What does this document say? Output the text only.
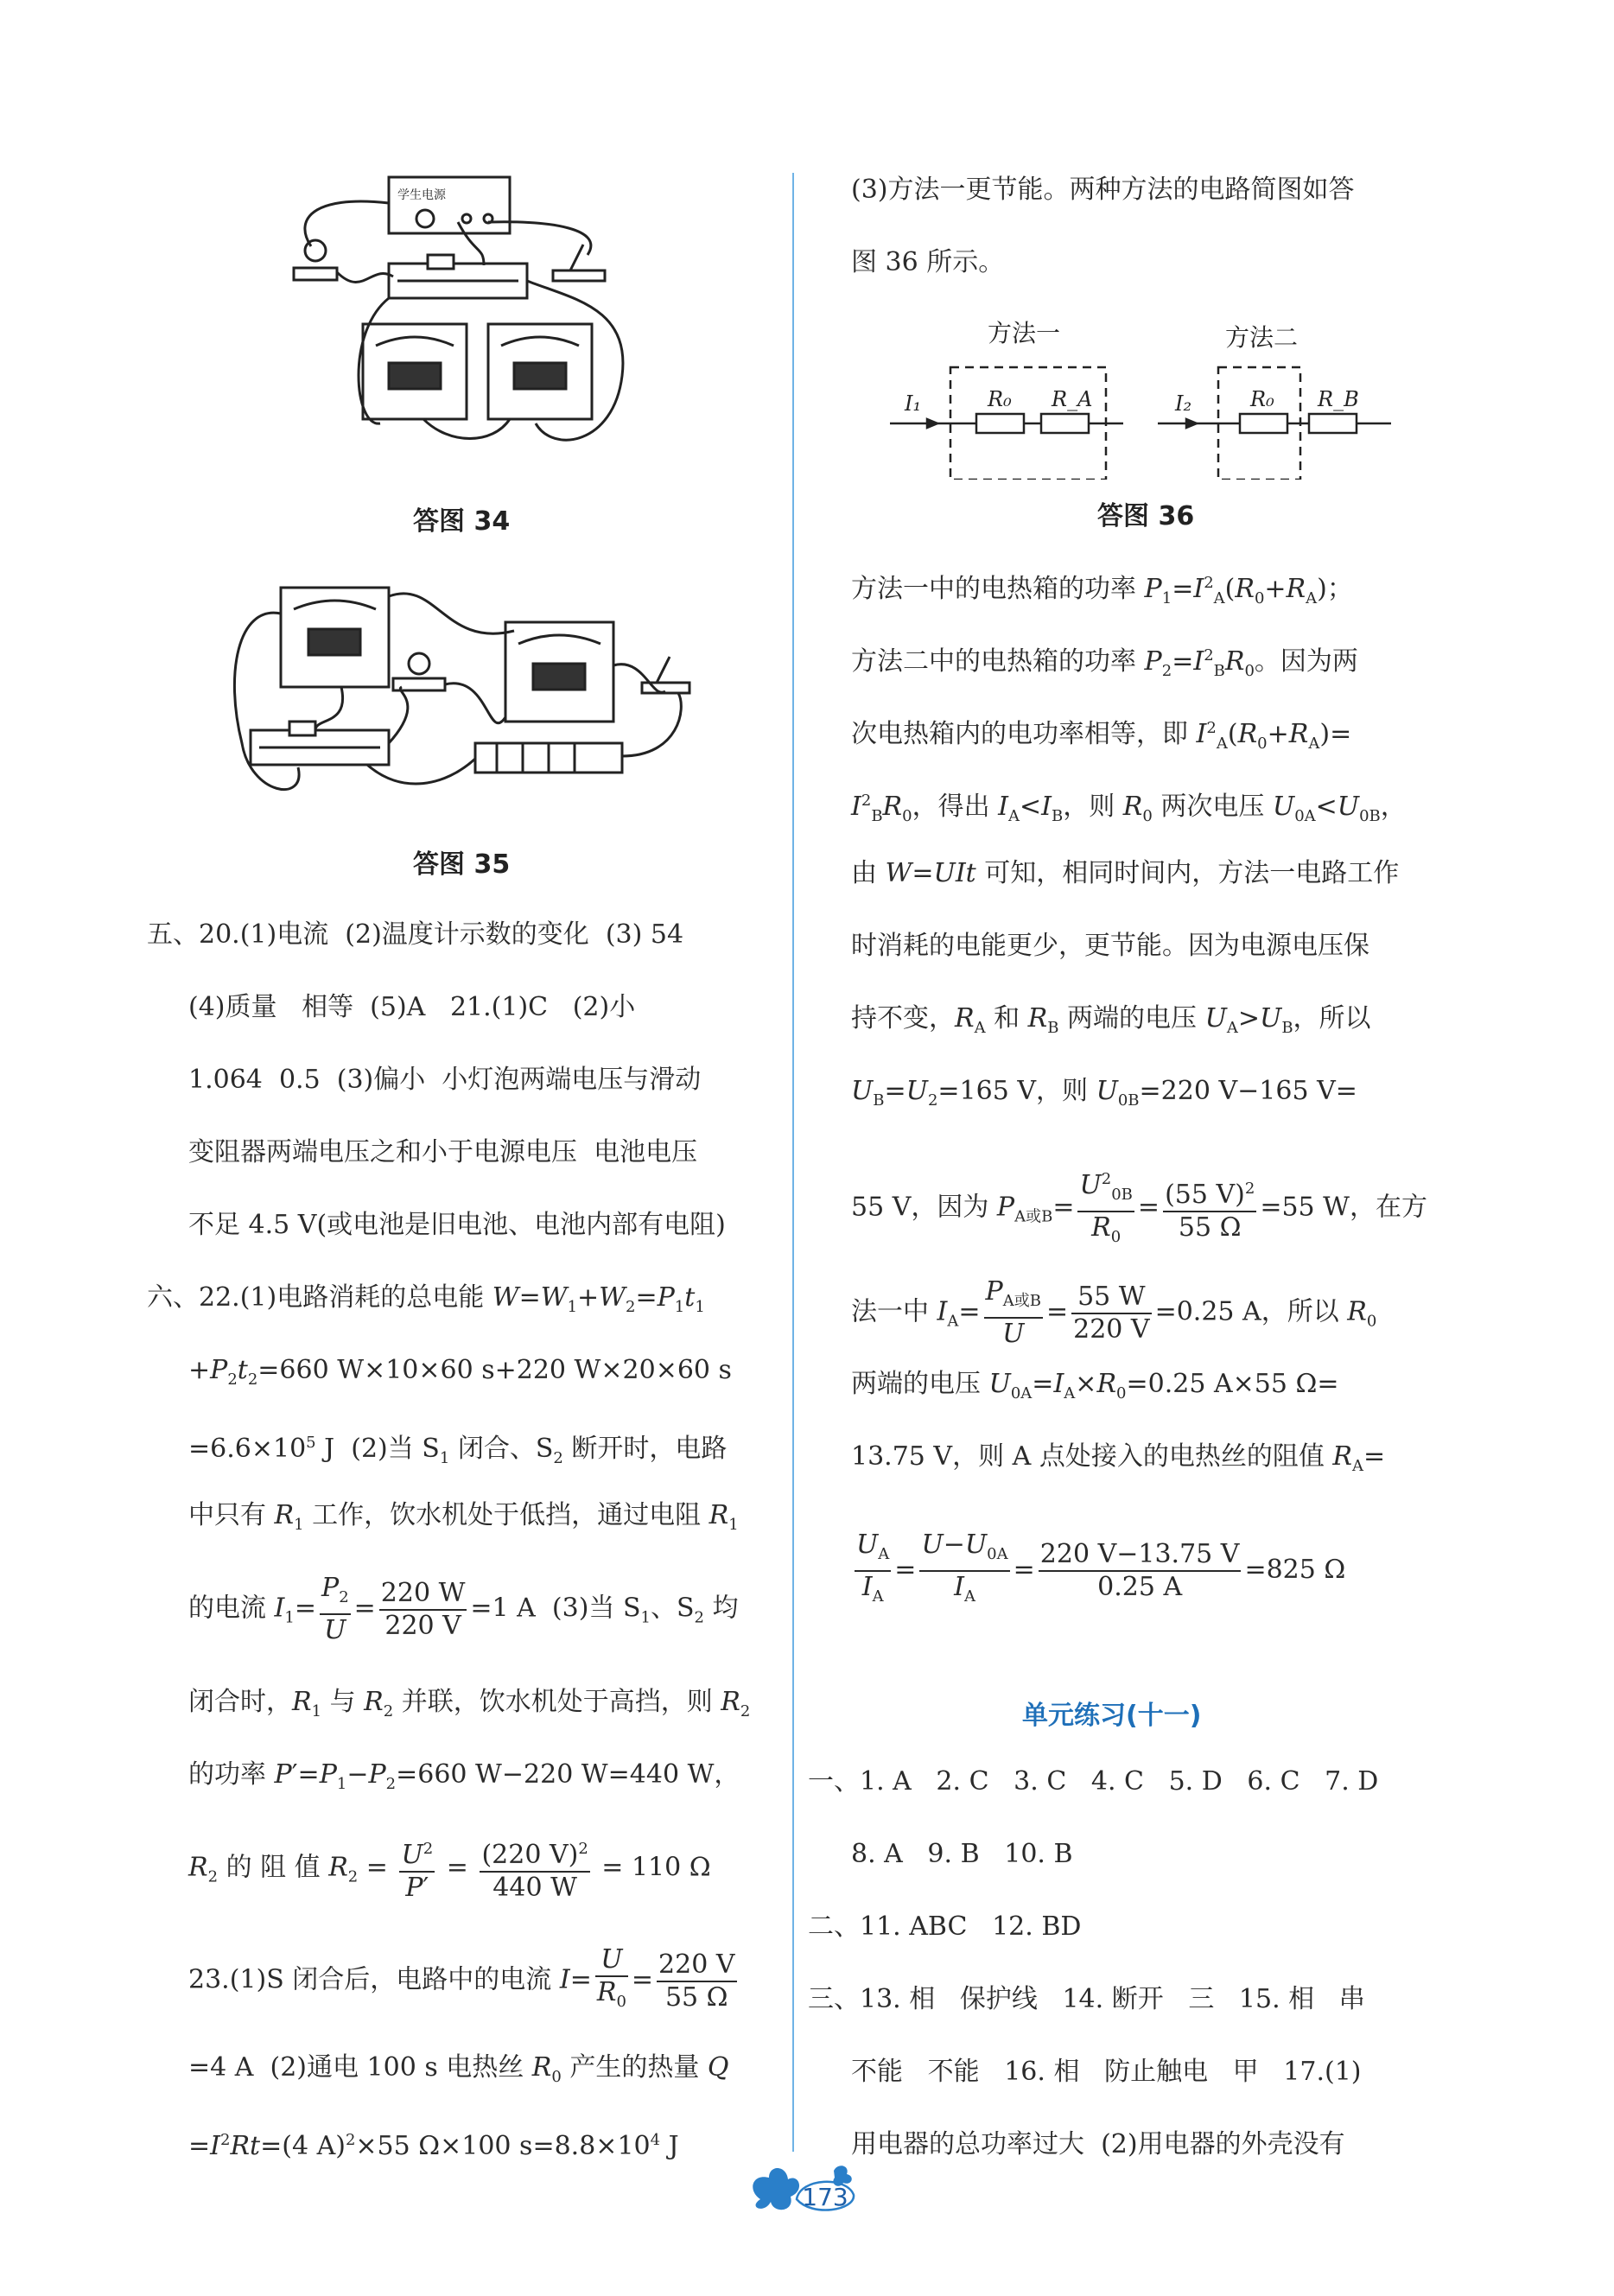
学生电源
答图 34
答图 35
五、20.(1)电流  (2)温度计示数的变化  (3) 54
(4)质量   相等  (5)A   21.(1)C   (2)小
1.064  0.5  (3)偏小  小灯泡两端电压与滑动
变阻器两端电压之和小于电源电压  电池电压
不足 4.5 V(或电池是旧电池、电池内部有电阻)
六、22.(1)电路消耗的总电能 $W=W_1+W_2=P_1t_1$
$+P_2t_2=660$ W×10×60 s+220 W×20×60 s
$=6.6\times 10^5$ J  (2)当 $S_1$ 闭合、$S_2$ 断开时，电路
中只有 $R_1$ 工作，饮水机处于低挡，通过电阻 $R_1$
的电流 $I_1= \frac{P_2}{U} = \frac{220 W}{220 V} =1$ A  (3)当 $S_1$、$S_2$ 均
闭合时，$R_1$ 与 $R_2$ 并联，饮水机处于高挡，则 $R_2$
的功率 $P'=P_1-P_2=660$ W−220 W=440 W，
$R_2$ 的 阻 值 $R_2 = \frac{U^2}{P'} = \frac{(220 V)^2}{440 W} = 110$ Ω
23.(1)S 闭合后，电路中的电流 $I= \frac{U}{R_0} = \frac{220 V}{55 \Omega}$
=4 A  (2)通电 100 s 电热丝 $R_0$ 产生的热量 Q
$=I^2Rt=(4$ A)$^2$×55 Ω×100 $s=8.8\times 10^4$ J
(3)方法一更节能。两种方法的电路简图如答
图 36 所示。
方法一	方法二
I₁	R₀ R_A	I₂	R₀ R_B
答图 36
方法一中的电热箱的功率 $P_1=I^2_A(R_0+R_A)$；
方法二中的电热箱的功率 $P_2=I^2_BR_0$。因为两
次电热箱内的电功率相等，即 $I^2_A(R_0+R_A)=$
$I^2_BR_0$，得出 $I_A<I_B$，则 $R_0$ 两次电压 $U_{0A}<U_{0B}$，
由 W=UIt 可知，相同时间内，方法一电路工作
时消耗的电能更少，更节能。因为电源电压保
持不变，$R_A$ 和 $R_B$ 两端的电压 $U_A>U_B$，所以
$U_B=U_2=165$ V，则 $U_{0B}=220$ V−165 V=
55 V，因为 $P_{A或B}= \frac{U^2_{0B}}{R_0} = \frac{(55 V)^2}{55 \Omega} =55$ W，在方
法一中 $I_A= \frac{P_{A或B}}{U} = \frac{55 W}{220 V} =0.25$ A，所以 $R_0$
两端的电压 $U_{0A}=I_A\times R_0=0.25$ A×55 Ω=
13.75 V，则 A 点处接入的电热丝的阻值 $R_A=$
$\frac{U_A}{I_A} = \frac{U-U_{0A}}{I_A} = \frac{220 V-13.75 V}{0.25 A} =825$ Ω
单元练习(十一)
一、1. A   2. C   3. C   4. C   5. D   6. C   7. D
8. A   9. B   10. B
二、11. ABC   12. BD
三、13. 相   保护线   14. 断开   三   15. 相   串
不能   不能   16. 相   防止触电   甲   17.(1)
用电器的总功率过大  (2)用电器的外壳没有
173
